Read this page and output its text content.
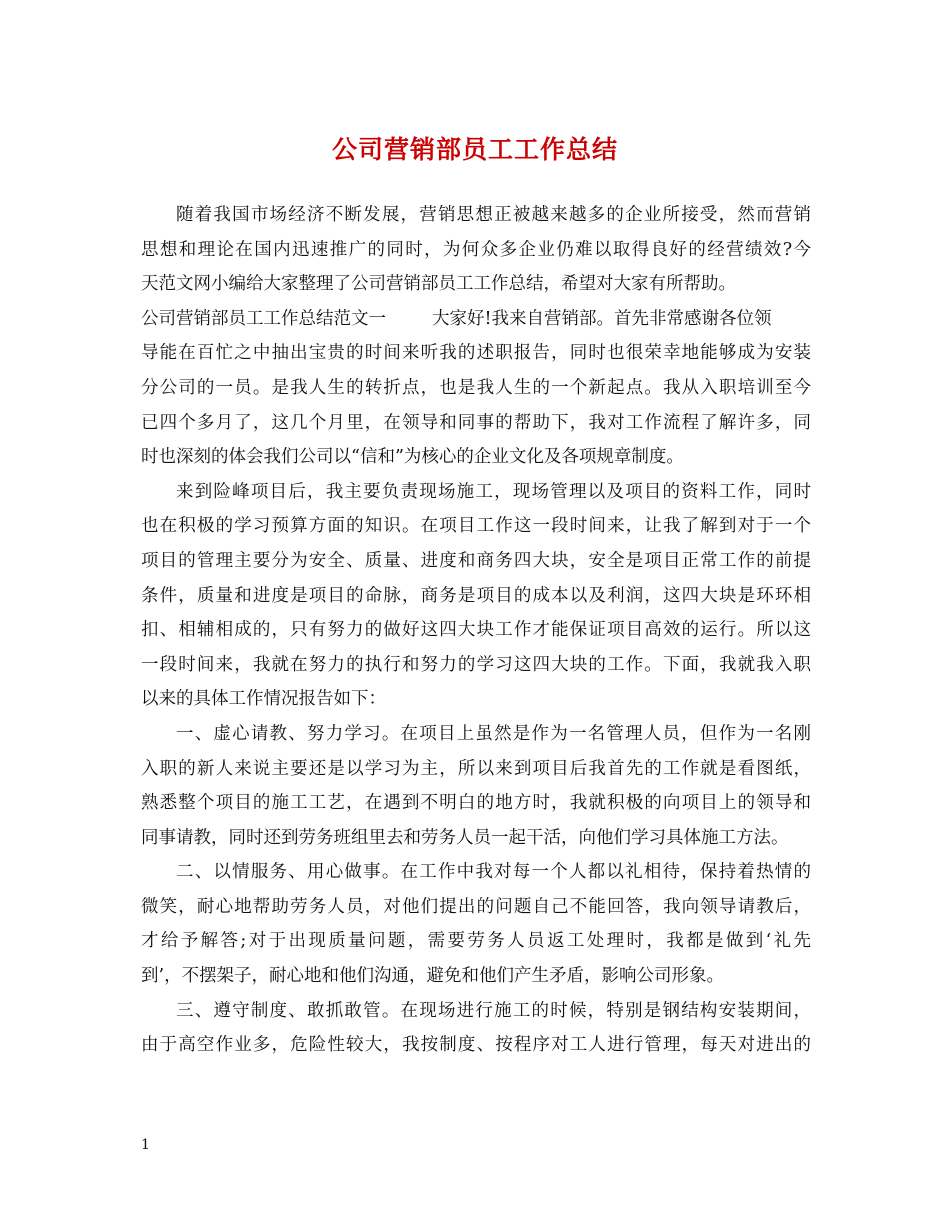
公司营销部员工工作总结
随着我国市场经济不断发展，营销思想正被越来越多的企业所接受，然而营销
思想和理论在国内迅速推广的同时，为何众多企业仍难以取得良好的经营绩效?今
天范文网小编给大家整理了公司营销部员工工作总结，希望对大家有所帮助。
公司营销部员工工作总结范文一	大家好!我来自营销部。首先非常感谢各位领
导能在百忙之中抽出宝贵的时间来听我的述职报告，同时也很荣幸地能够成为安装
分公司的一员。是我人生的转折点，也是我人生的一个新起点。我从入职培训至今
已四个多月了，这几个月里，在领导和同事的帮助下，我对工作流程了解许多，同
时也深刻的体会我们公司以“信和”为核心的企业文化及各项规章制度。
来到险峰项目后，我主要负责现场施工，现场管理以及项目的资料工作，同时
也在积极的学习预算方面的知识。在项目工作这一段时间来，让我了解到对于一个
项目的管理主要分为安全、质量、进度和商务四大块，安全是项目正常工作的前提
条件，质量和进度是项目的命脉，商务是项目的成本以及利润，这四大块是环环相
扣、相辅相成的，只有努力的做好这四大块工作才能保证项目高效的运行。所以这
一段时间来，我就在努力的执行和努力的学习这四大块的工作。下面，我就我入职
以来的具体工作情况报告如下：
一、虚心请教、努力学习。在项目上虽然是作为一名管理人员，但作为一名刚
入职的新人来说主要还是以学习为主，所以来到项目后我首先的工作就是看图纸，
熟悉整个项目的施工工艺，在遇到不明白的地方时，我就积极的向项目上的领导和
同事请教，同时还到劳务班组里去和劳务人员一起干活，向他们学习具体施工方法。
二、以情服务、用心做事。在工作中我对每一个人都以礼相待，保持着热情的
微笑，耐心地帮助劳务人员，对他们提出的问题自己不能回答，我向领导请教后，
才给予解答;对于出现质量问题，需要劳务人员返工处理时，我都是做到‘礼先
到’，不摆架子，耐心地和他们沟通，避免和他们产生矛盾，影响公司形象。
三、遵守制度、敢抓敢管。在现场进行施工的时候，特别是钢结构安装期间，
由于高空作业多，危险性较大，我按制度、按程序对工人进行管理，每天对进出的
1
